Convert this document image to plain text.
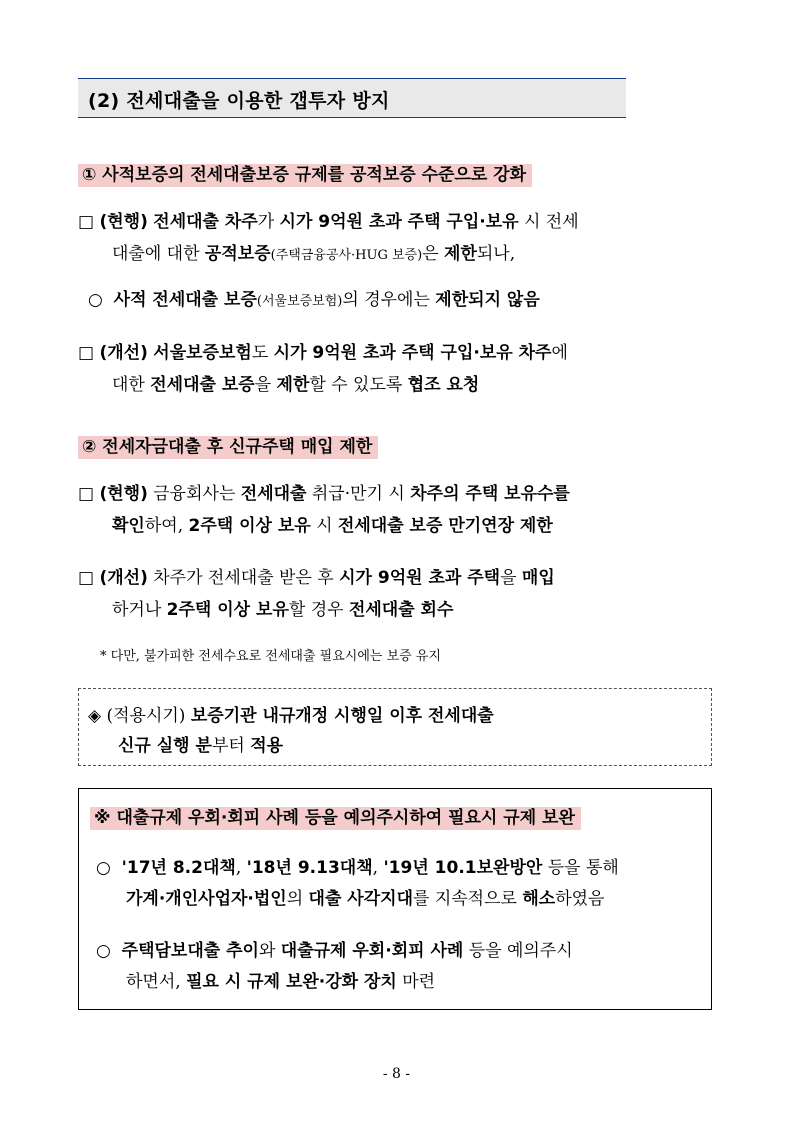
(2) 전세대출을 이용한 갭투자 방지
① 사적보증의 전세대출보증 규제를 공적보증 수준으로 강화
□ (현행) 전세대출 차주가 시가 9억원 초과 주택 구입·보유 시 전세
대출에 대한 공적보증(주택금융공사·HUG 보증)은 제한되나,
○ 사적 전세대출 보증(서울보증보험)의 경우에는 제한되지 않음
□ (개선) 서울보증보험도 시가 9억원 초과 주택 구입·보유 차주에
대한 전세대출 보증을 제한할 수 있도록 협조 요청
② 전세자금대출 후 신규주택 매입 제한
□ (현행) 금융회사는 전세대출 취급·만기 시 차주의 주택 보유수를
확인하여, 2주택 이상 보유 시 전세대출 보증 만기연장 제한
□ (개선) 차주가 전세대출 받은 후 시가 9억원 초과 주택을 매입
하거나 2주택 이상 보유할 경우 전세대출 회수
* 다만, 불가피한 전세수요로 전세대출 필요시에는 보증 유지
◈ (적용시기) 보증기관 내규개정 시행일 이후 전세대출
신규 실행 분부터 적용
※ 대출규제 우회·회피 사례 등을 예의주시하여 필요시 규제 보완
○ '17년 8.2대책, '18년 9.13대책, '19년 10.1보완방안 등을 통해
가계·개인사업자·법인의 대출 사각지대를 지속적으로 해소하였음
○ 주택담보대출 추이와 대출규제 우회·회피 사례 등을 예의주시
하면서, 필요 시 규제 보완·강화 장치 마련
- 8 -
